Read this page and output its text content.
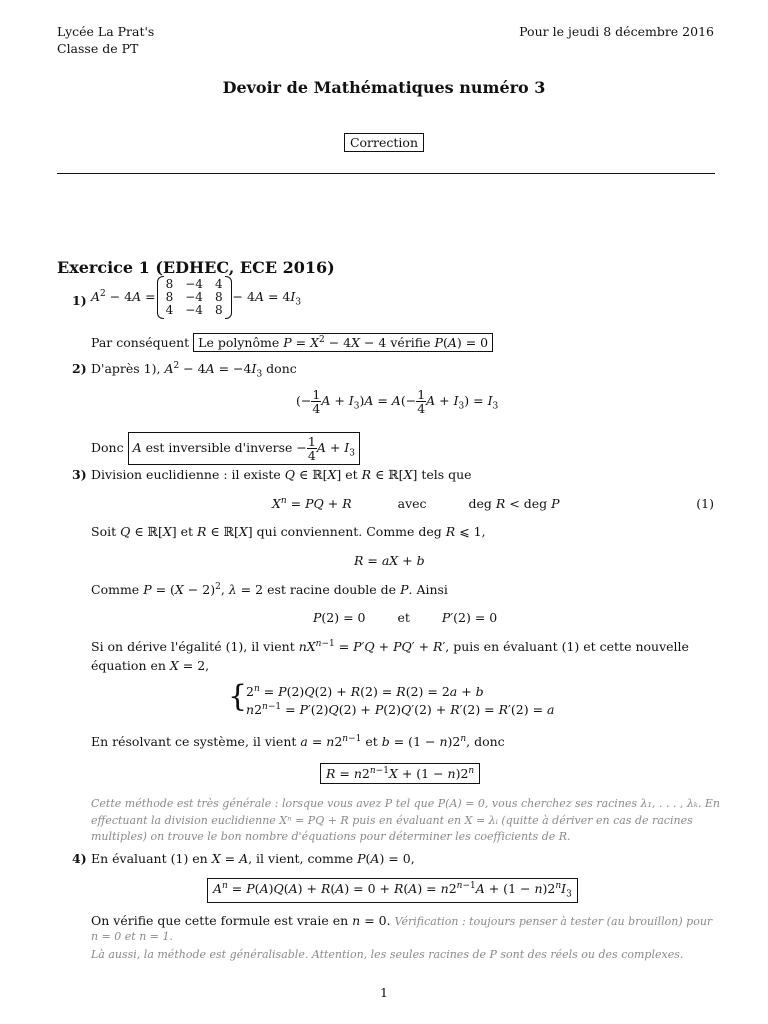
Lycée La Prat's
Classe de PT
Pour le jeudi 8 décembre 2016
Devoir de Mathématiques numéro 3
Correction
Exercice 1 (EDHEC, ECE 2016)
1) $A^2 - 4A$ =
8	−4	4
8	−4	8
4	−4	8
− $4A = 4I_3$
Par conséquent Le polynôme $P = X^2 - 4X - 4$ vérifie P(A) = 0
2) D'après 1), $A^2 - 4A = -4I_3$ donc
(− $\frac{1}{4}$ $A + I_3)A = A(- \frac{1}{4}$ $A + I_3) = I_3$
Donc A est inversible d'inverse − $\frac{1}{4}$ $A + I_3$
3) Division euclidienne : il existe Q ∈ ℝ[X] et R ∈ ℝ[X] tels que
$X^n$ = PQ + R	avec	deg R < deg P	(1)
Soit Q ∈ ℝ[X] et R ∈ ℝ[X] qui conviennent. Comme deg R ⩽ 1,
R = aX + b
Comme $P = (X - 2)^2$, λ = 2 est racine double de P. Ainsi
P(2) = 0 et	P′(2) = 0
Si on dérive l'égalité (1), il vient $nX^{n-1} = P'Q + PQ' + R'$, puis en évaluant (1) et cette nouvelle
équation en X = 2,
{
$2^n = P(2)Q(2) + R(2) = R(2) = 2a + b$
$n2^{n-1} = P'(2)Q(2) + P(2)Q'(2) + R'(2) = R'(2) = a$
En résolvant ce système, il vient $a = n2^{n-1}$ et $b = (1 - n)2^n$, donc
$R = n2^{n-1}X + (1 - n)2^n$
Cette méthode est très générale : lorsque vous avez P tel que P(A) = 0, vous cherchez ses racines λ₁, . . . , λₖ. En
effectuant la division euclidienne Xⁿ = PQ + R puis en évaluant en X = λᵢ (quitte à dériver en cas de racines
multiples) on trouve le bon nombre d'équations pour déterminer les coefficients de R.
4) En évaluant (1) en X = A, il vient, comme P(A) = 0,
$A^n = P(A)Q(A) + R(A) = 0 + R(A) = n2^{n-1}A + (1 - n)2^nI_3$
On vérifie que cette formule est vraie en n = 0. Vérification : toujours penser à tester (au brouillon) pour
n = 0 et n = 1.
Là aussi, la méthode est généralisable. Attention, les seules racines de P sont des réels ou des complexes.
1
